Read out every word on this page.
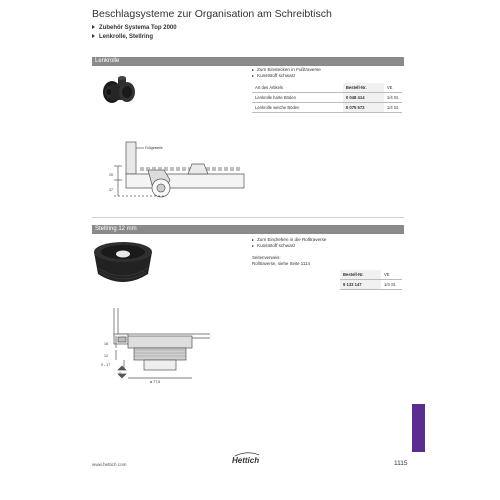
Beschlagsysteme zur Organisation am Schreibtisch
Zubehör Systema Top 2000
Lenkrolle, Stellring
Lenkrolle
Zum Einstecken in Fußtraverse
Kunststoff schwarz
Art des Artikels	Bestell-Nr.	VE
Lenkrolle harte Böden	0 048 414	1/4 St.
Lenkrolle weiche Böden	0 075 572	1/4 St.
20
37
Fußgestelle
Stellring 12 mm
Zum Eindrehen in die Rolltraverse
Kunststoff schwarz
Seitenverweis:
Rolltraverse, siehe Seite 1114
Bestell-Nr.	VE
9 133 147	1/4 St.
16
12
9 - 17
ø 77,5
www.hettich.com	Hettich	1115
